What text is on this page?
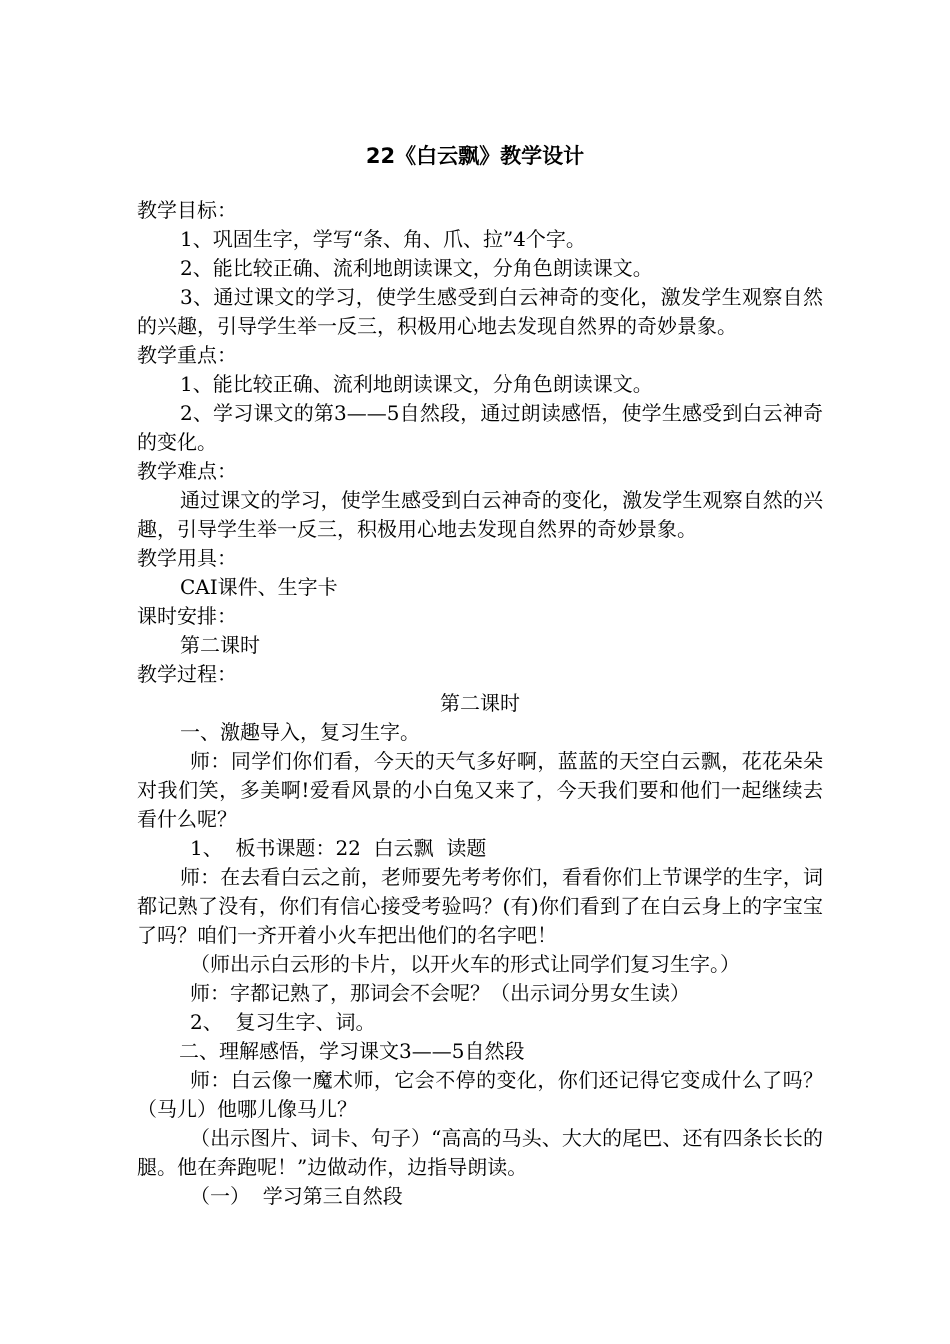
22《白云飘》教学设计

教学目标：

1、巩固生字，学写“条、角、爪、拉”4个字。

2、能比较正确、流利地朗读课文，分角色朗读课文。

3、通过课文的学习，使学生感受到白云神奇的变化，激发学生观察自然的兴趣，引导学生举一反三，积极用心地去发现自然界的奇妙景象。

教学重点：

1、能比较正确、流利地朗读课文，分角色朗读课文。

2、学习课文的第3——5自然段，通过朗读感悟，使学生感受到白云神奇的变化。

教学难点：

通过课文的学习，使学生感受到白云神奇的变化，激发学生观察自然的兴趣，引导学生举一反三，积极用心地去发现自然界的奇妙景象。

教学用具：

CAI课件、生字卡

课时安排：

第二课时

教学过程：

第二课时

一、激趣导入，复习生字。

师：同学们你们看，今天的天气多好啊，蓝蓝的天空白云飘，花花朵朵对我们笑，多美啊!爱看风景的小白兔又来了，今天我们要和他们一起继续去看什么呢？

1、  板书课题：22  白云飘  读题

师：在去看白云之前，老师要先考考你们，看看你们上节课学的生字，词都记熟了没有，你们有信心接受考验吗？(有)你们看到了在白云身上的字宝宝了吗？咱们一齐开着小火车把出他们的名字吧！

（师出示白云形的卡片，以开火车的形式让同学们复习生字。）

师：字都记熟了，那词会不会呢？（出示词分男女生读）

2、  复习生字、词。

二、理解感悟，学习课文3——5自然段

师：白云像一魔术师，它会不停的变化，你们还记得它变成什么了吗？（马儿）他哪儿像马儿？

（出示图片、词卡、句子）“高高的马头、大大的尾巴、还有四条长长的腿。他在奔跑呢！”边做动作，边指导朗读。

（一）  学习第三自然段
